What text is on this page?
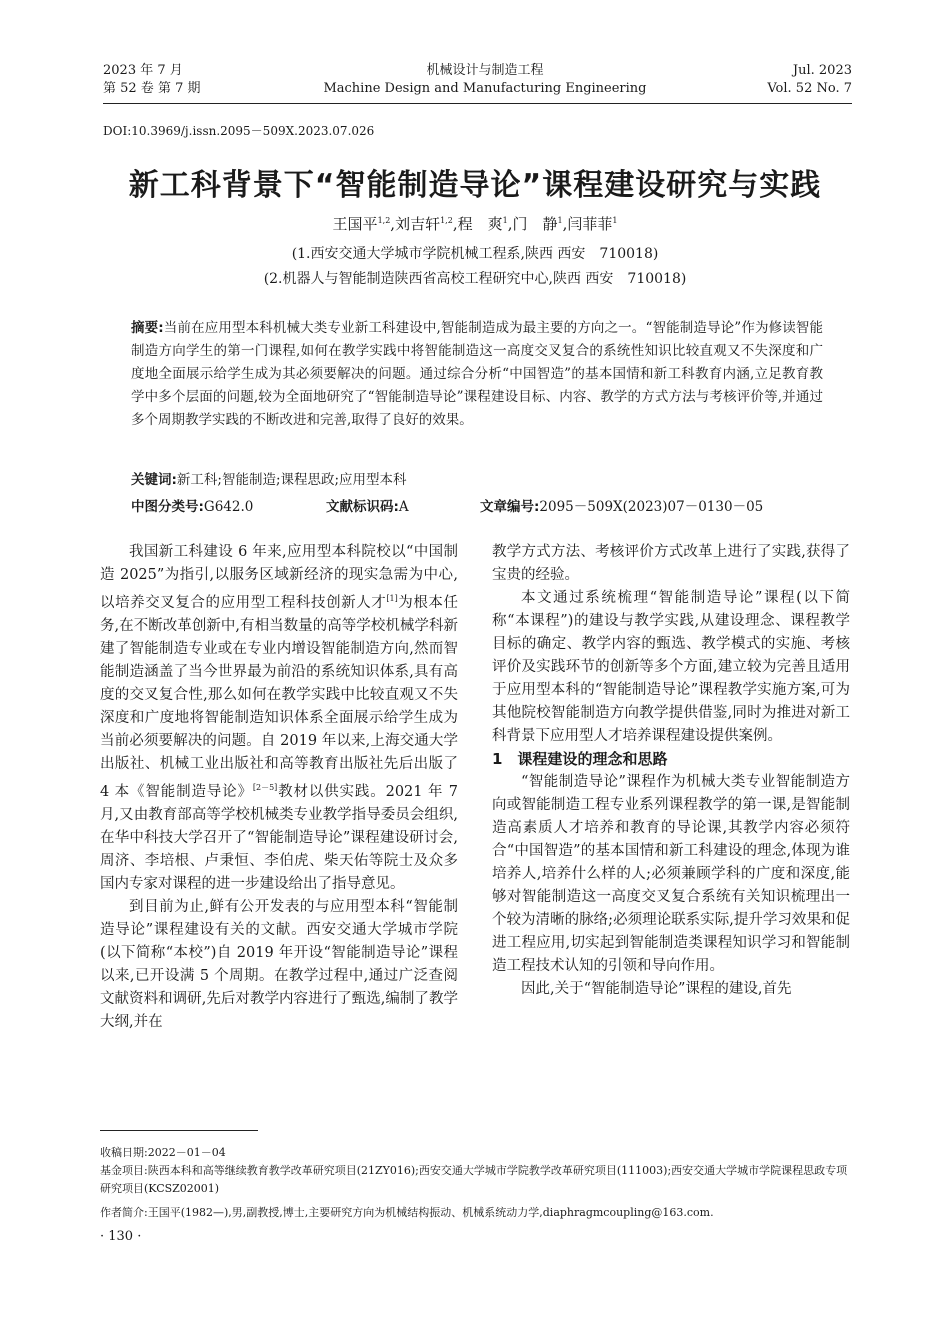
2023 年 7 月
第 52 卷 第 7 期
机械设计与制造工程
Machine Design and Manufacturing Engineering
Jul. 2023
Vol. 52 No. 7
DOI:10.3969/j.issn.2095－509X.2023.07.026
新工科背景下“智能制造导论”课程建设研究与实践
王国平$^{1,2}$,刘吉轩$^{1,2}$,程　爽$^1$,门　静$^1$,闫菲菲$^1$
(1.西安交通大学城市学院机械工程系,陕西 西安　710018)
(2.机器人与智能制造陕西省高校工程研究中心,陕西 西安　710018)
摘要:当前在应用型本科机械大类专业新工科建设中,智能制造成为最主要的方向之一。“智能制造导论”作为修读智能制造方向学生的第一门课程,如何在教学实践中将智能制造这一高度交叉复合的系统性知识比较直观又不失深度和广度地全面展示给学生成为其必须要解决的问题。通过综合分析“中国智造”的基本国情和新工科教育内涵,立足教育教学中多个层面的问题,较为全面地研究了“智能制造导论”课程建设目标、内容、教学的方式方法与考核评价等,并通过多个周期教学实践的不断改进和完善,取得了良好的效果。
关键词:新工科;智能制造;课程思政;应用型本科
中图分类号:G642.0	文献标识码:A	文章编号:2095－509X(2023)07－0130－05

我国新工科建设 6 年来,应用型本科院校以“中国制造 2025”为指引,以服务区域新经济的现实急需为中心,以培养交叉复合的应用型工程科技创新人才[1]为根本任务,在不断改革创新中,有相当数量的高等学校机械学科新建了智能制造专业或在专业内增设智能制造方向,然而智能制造涵盖了当今世界最为前沿的系统知识体系,具有高度的交叉复合性,那么如何在教学实践中比较直观又不失深度和广度地将智能制造知识体系全面展示给学生成为当前必须要解决的问题。自 2019 年以来,上海交通大学出版社、机械工业出版社和高等教育出版社先后出版了 4 本《智能制造导论》[2－5]教材以供实践。2021 年 7 月,又由教育部高等学校机械类专业教学指导委员会组织,在华中科技大学召开了“智能制造导论”课程建设研讨会,周济、李培根、卢秉恒、李伯虎、柴天佑等院士及众多国内专家对课程的进一步建设给出了指导意见。

到目前为止,鲜有公开发表的与应用型本科“智能制造导论”课程建设有关的文献。西安交通大学城市学院(以下简称“本校”)自 2019 年开设“智能制造导论”课程以来,已开设满 5 个周期。在教学过程中,通过广泛查阅文献资料和调研,先后对教学内容进行了甄选,编制了教学大纲,并在

教学方式方法、考核评价方式改革上进行了实践,获得了宝贵的经验。

本文通过系统梳理“智能制造导论”课程(以下简称“本课程”)的建设与教学实践,从建设理念、课程教学目标的确定、教学内容的甄选、教学模式的实施、考核评价及实践环节的创新等多个方面,建立较为完善且适用于应用型本科的“智能制造导论”课程教学实施方案,可为其他院校智能制造方向教学提供借鉴,同时为推进对新工科背景下应用型人才培养课程建设提供案例。

1　课程建设的理念和思路

“智能制造导论”课程作为机械大类专业智能制造方向或智能制造工程专业系列课程教学的第一课,是智能制造高素质人才培养和教育的导论课,其教学内容必须符合“中国智造”的基本国情和新工科建设的理念,体现为谁培养人,培养什么样的人;必须兼顾学科的广度和深度,能够对智能制造这一高度交叉复合系统有关知识梳理出一个较为清晰的脉络;必须理论联系实际,提升学习效果和促进工程应用,切实起到智能制造类课程知识学习和智能制造工程技术认知的引领和导向作用。

因此,关于“智能制造导论”课程的建设,首先

收稿日期:2022－01－04
基金项目:陕西本科和高等继续教育教学改革研究项目(21ZY016);西安交通大学城市学院教学改革研究项目(111003);西安交通大学城市学院课程思政专项研究项目(KCSZ02001)
作者简介:王国平(1982—),男,副教授,博士,主要研究方向为机械结构振动、机械系统动力学,diaphragmcoupling@163.com.
· 130 ·
